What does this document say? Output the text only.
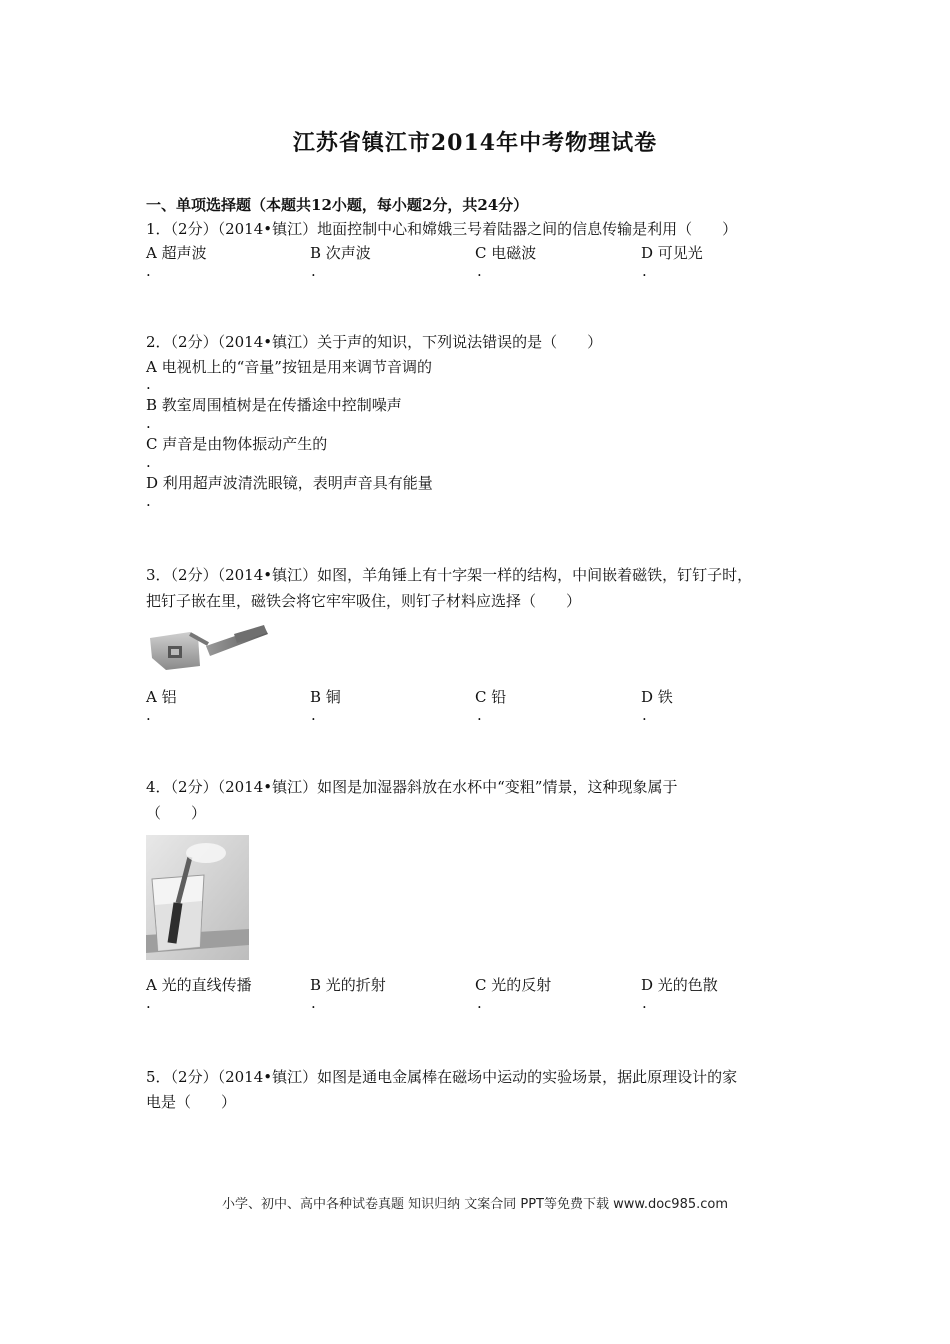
江苏省镇江市2014年中考物理试卷
一、单项选择题（本题共12小题，每小题2分，共24分）
1．（2分）（2014•镇江）地面控制中心和嫦娥三号着陆器之间的信息传输是利用（　　）
A 超声波	B 次声波	C 电磁波	D 可见光
.	.	.	.
2．（2分）（2014•镇江）关于声的知识，下列说法错误的是（　　）
A 电视机上的“音量”按钮是用来调节音调的
.
B 教室周围植树是在传播途中控制噪声
.
C 声音是由物体振动产生的
.
D 利用超声波清洗眼镜，表明声音具有能量
.
3．（2分）（2014•镇江）如图，羊角锤上有十字架一样的结构，中间嵌着磁铁，钉钉子时，
把钉子嵌在里，磁铁会将它牢牢吸住，则钉子材料应选择（　　）
A 铝	B 铜	C 铅	D 铁
.	.	.	.
4．（2分）（2014•镇江）如图是加湿器斜放在水杯中“变粗”情景，这种现象属于
（　　）
A 光的直线传播	B 光的折射	C 光的反射	D 光的色散
.	.	.	.
5．（2分）（2014•镇江）如图是通电金属棒在磁场中运动的实验场景，据此原理设计的家
电是（　　）
小学、初中、高中各种试卷真题 知识归纳 文案合同 PPT等免费下载 www.doc985.com
